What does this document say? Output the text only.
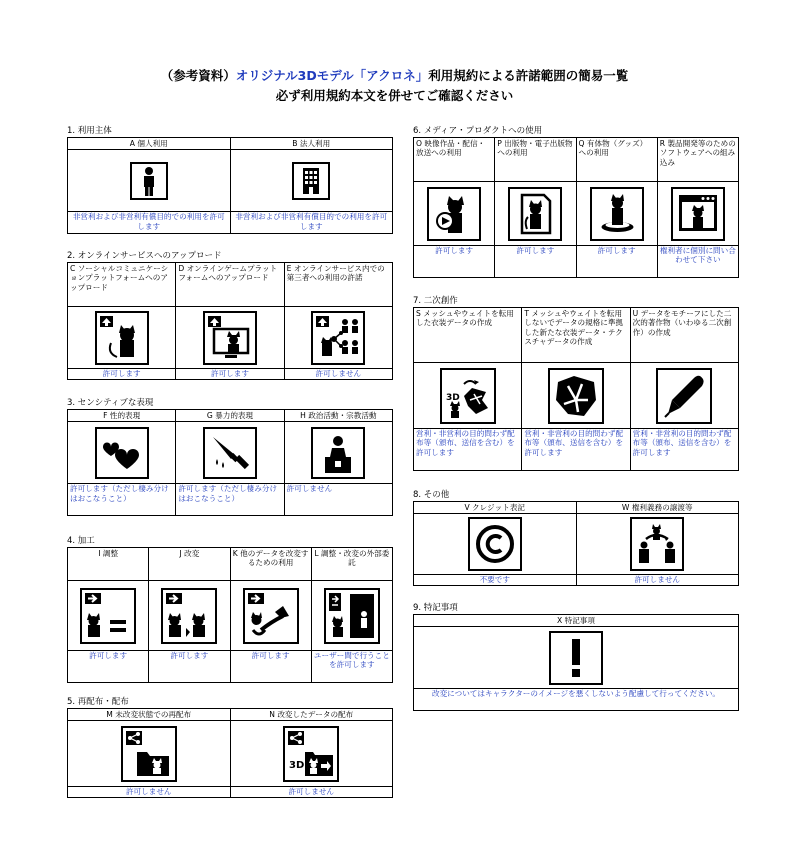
（参考資料）オリジナル3Dモデル「アクロネ」利用規約による許諾範囲の簡易一覧
必ず利用規約本文を併せてご確認ください
1. 利用主体
A 個人利用	B 法人利用

非営利および非営利有償目的での利用を許可します	非営利および非営利有償目的での利用を許可します
2. オンラインサービスへのアップロード
C ソーシャルコミュニケーションプラットフォームへのアップロード	D オンラインゲームプラットフォームへのアップロード	E オンラインサービス内での第三者への利用の許諾

許可します	許可します	許可しません
3. センシティブな表現
F 性的表現	G 暴力的表現	H 政治活動・宗教活動

許可します（ただし棲み分けはおこなうこと）	許可します（ただし棲み分けはおこなうこと）	許可しません
4. 加工
I 調整	J 改変	K 他のデータを改変するための利用	L 調整・改変の外部委託

許可します	許可します	許可します	ユーザー間で行うことを許可します
5. 再配布・配布
M 未改変状態での再配布	N 改変したデータの配布

3D

許可しません	許可しません
6. メディア・プロダクトへの使用
O 映像作品・配信・放送への利用	P 出版物・電子出版物への利用	Q 有体物（グッズ）への利用	R 製品開発等のためのソフトウェアへの組み込み

許可します	許可します	許可します	権利者に個別に問い合わせて下さい
7. 二次創作
S メッシュやウェイトを転用した衣装データの作成	T メッシュやウェイトを転用しないでデータの規格に準拠した新たな衣装データ・テクスチャデータの作成	U データをモチーフにした二次的著作物（いわゆる二次創作）の作成

3D

営利・非営利の目的問わず配布等（頒布、送信を含む）を許可します	営利・非営利の目的問わず配布等（頒布、送信を含む）を許可します	営利・非営利の目的問わず配布等（頒布、送信を含む）を許可します
8. その他
V クレジット表記	W 権利義務の譲渡等

不要です	許可しません
9. 特記事項
X 特記事項

改変についてはキャラクターのイメージを悪くしないよう配慮して行ってください。
